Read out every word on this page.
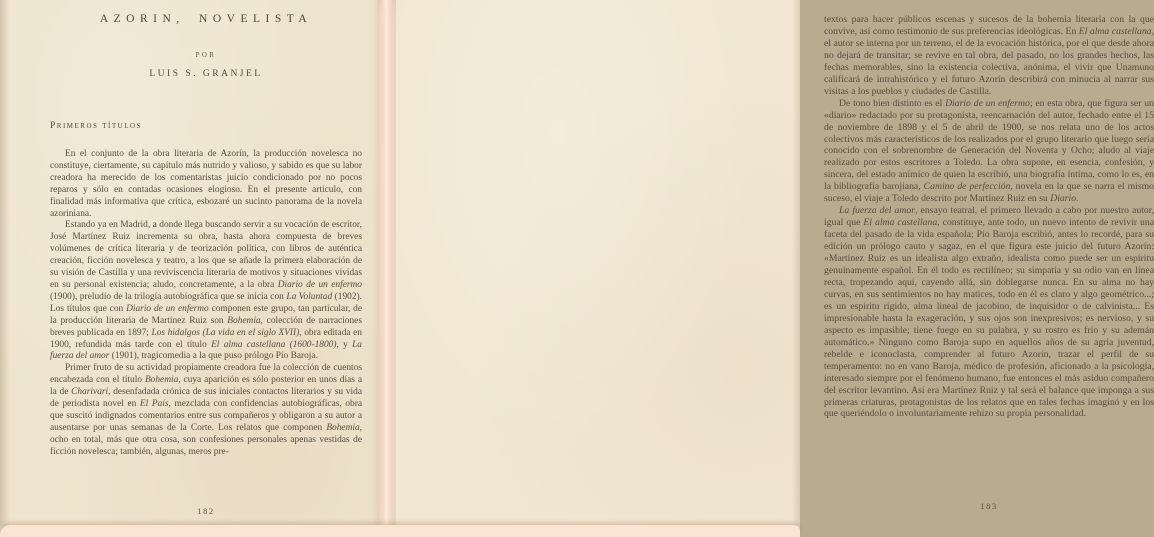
AZORIN, NOVELISTA
POR
LUIS S. GRANJEL
Primeros títulos

En el conjunto de la obra literaria de Azorín, la producción novelesca no constituye, ciertamente, su capítulo más nutrido y valioso, y sabido es que su labor creadora ha merecido de los comentaristas juicio condicionado por no pocos reparos y sólo en contadas ocasiones elogioso. En el presente artículo, con finalidad más informativa que crítica, esbozaré un sucinto panorama de la novela azoriniana.

Estando ya en Madrid, a donde llega buscando servir a su vocación de escritor, José Martínez Ruiz incrementa su obra, hasta ahora compuesta de breves volúmenes de crítica literaria y de teorización política, con libros de auténtica creación, ficción novelesca y teatro, a los que se añade la primera elaboración de su visión de Castilla y una reviviscencia literaria de motivos y situaciones vividas en su personal existencia; aludo, concretamente, a la obra Diario de un enfermo (1900), preludio de la trilogía autobiográfica que se inicia con La Voluntad (1902). Los títulos que con Diario de un enfermo componen este grupo, tan particular, de la producción literaria de Martínez Ruiz son Bohemia, colección de narraciones breves publicada en 1897; Los hidalgos (La vida en el siglo XVII), obra editada en 1900, refundida más tarde con el título El alma castellana (1600-1800), y La fuerza del amor (1901), tragicomedia a la que puso prólogo Pío Baroja.

Primer fruto de su actividad propiamente creadora fue la colección de cuentos encabezada con el título Bohemia, cuya aparición es sólo posterior en unos días a la de Charivari, desenfadada crónica de sus iniciales contactos literarios y su vida de periodista novel en El País, mezclada con confidencias autobiográficas, obra que suscitó indignados comentarios entre sus compañeros y obligaron a su autor a ausentarse por unas semanas de la Corte. Los relatos que componen Bohemia, ocho en total, más que otra cosa, son confesiones personales apenas vestidas de ficción novelesca; también, algunas, meros pre-

182

textos para hacer públicos escenas y sucesos de la bohemia literaria con la que convive, así como testimonio de sus preferencias ideológicas. En El alma castellana, el autor se interna por un terreno, el de la evocación histórica, por el que desde ahora no dejará de transitar; se revive en tal obra, del pasado, no los grandes hechos, las fechas memorables, sino la existencia colectiva, anónima, el vivir que Unamuno calificará de intrahistórico y el futuro Azorín describirá con minucia al narrar sus visitas a los pueblos y ciudades de Castilla.

De tono bien distinto es el Diario de un enfermo; en esta obra, que figura ser un «diario» redactado por su protagonista, reencarnación del autor, fechado entre el 15 de noviembre de 1898 y el 5 de abril de 1900, se nos relata uno de los actos colectivos más característicos de los realizados por el grupo literario que luego sería conocido con el sobrenombre de Generación del Noventa y Ocho; aludo al viaje realizado por estos escritores a Toledo. La obra supone, en esencia, confesión, y sincera, del estado anímico de quien la escribió, una biografía íntima, como lo es, en la bibliografía barojiana, Camino de perfección, novela en la que se narra el mismo suceso, el viaje a Toledo descrito por Martínez Ruiz en su Diario.

La fuerza del amor, ensayo teatral, el primero llevado a cabo por nuestro autor, igual que El alma castellana, constituye, ante todo, un nuevo intento de revivir una faceta del pasado de la vida española; Pío Baroja escribió, antes lo recordé, para su edición un prólogo cauto y sagaz, en el que figura este juicio del futuro Azorín: «Martínez Ruiz es un idealista algo extraño, idealista como puede ser un espíritu genuinamente español. En él todo es rectilíneo; su simpatía y su odio van en línea recta, tropezando aquí, cayendo allá, sin doblegarse nunca. En su alma no hay curvas, en sus sentimientos no hay matices, todo en él es claro y algo geométrico...; es un espíritu rígido, alma lineal de jacobino, de inquisidor o de calvinista... Es impresionable hasta la exageración, y sus ojos son inexpresivos; es nervioso, y su aspecto es impasible; tiene fuego en su palabra, y su rostro es frío y su ademán automático.» Ninguno como Baroja supo en aquellos años de su agria juventud, rebelde e iconoclasta, comprender al futuro Azorín, trazar el perfil de su temperamento: no en vano Baroja, médico de profesión, aficionado a la psicología, interesado siempre por el fenómeno humano, fue entonces el más asiduo compañero del escritor levantino. Así era Martínez Ruiz y tal será el balance que imponga a sus primeras criaturas, protagonistas de los relatos que en tales fechas imaginó y en los que queriéndolo o involuntariamente rehizo su propia personalidad.

183
